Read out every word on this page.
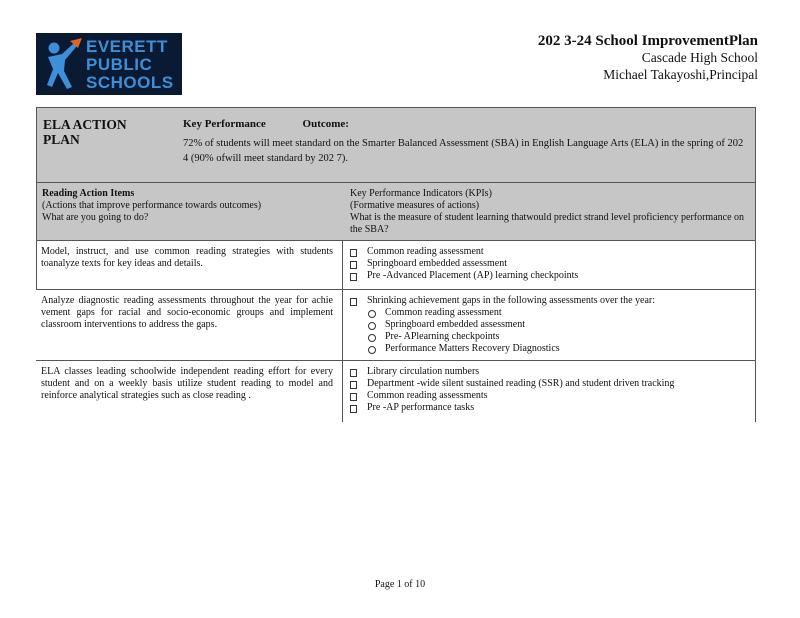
EVERETT
PUBLIC
SCHOOLS
202 3-24 School ImprovementPlan
Cascade High School
Michael Takayoshi,Principal
ELA ACTION PLAN
Key Performance	Outcome:
72% of students will meet standard on the Smarter Balanced Assessment (SBA) in English Language Arts (ELA) in the spring of 202 4 (90% ofwill meet standard by 202 7).
Reading Action Items
(Actions that improve performance towards outcomes)
What are you going to do?
Key Performance Indicators (KPIs)
(Formative measures of actions)
What is the measure of student learning thatwould predict strand level proficiency performance on the SBA?
Model, instruct, and use common reading strategies with students toanalyze texts for key ideas and details.
Common reading assessment
Springboard embedded assessment
Pre -Advanced Placement (AP) learning checkpoints
Analyze diagnostic reading assessments throughout the year for achie vement gaps for racial and socio-economic groups and implement classroom interventions to address the gaps.
Shrinking achievement gaps in the following assessments over the year:
Common reading assessment
Springboard embedded assessment
Pre- APlearning checkpoints
Performance Matters Recovery Diagnostics
ELA classes leading schoolwide independent reading effort for every student and on a weekly basis utilize student reading to model and reinforce analytical strategies such as close reading .
Library circulation numbers
Department -wide silent sustained reading (SSR) and student driven tracking
Common reading assessments
Pre -AP performance tasks
Page 1 of 10
